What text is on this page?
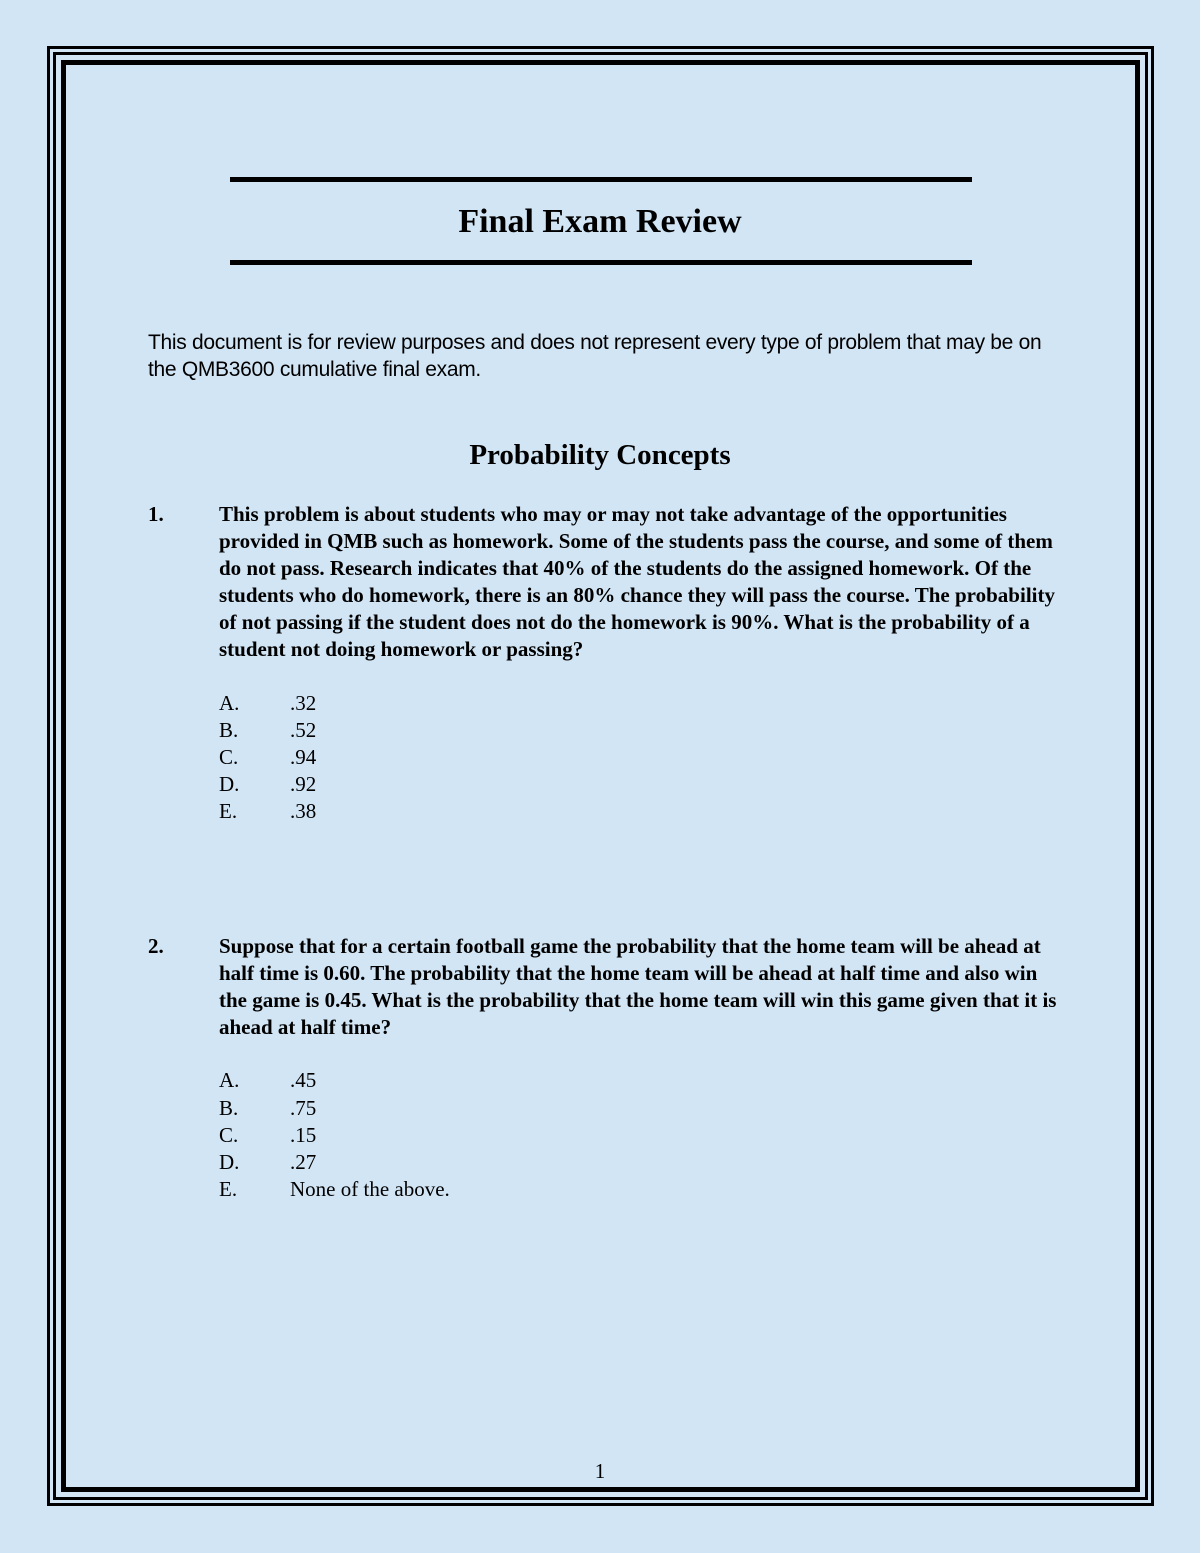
Final Exam Review
This document is for review purposes and does not represent every type of problem that may be on the QMB3600 cumulative final exam.
Probability Concepts
1.	This problem is about students who may or may not take advantage of the opportunities provided in QMB such as homework. Some of the students pass the course, and some of them do not pass. Research indicates that 40% of the students do the assigned homework. Of the students who do homework, there is an 80% chance they will pass the course. The probability of not passing if the student does not do the homework is 90%. What is the probability of a student not doing homework or passing?
A. .32
B. .52
C. .94
D. .92
E.	.38
2.	Suppose that for a certain football game the probability that the home team will be ahead at half time is 0.60. The probability that the home team will be ahead at half time and also win the game is 0.45. What is the probability that the home team will win this game given that it is ahead at half time?
A. .45
B. .75
C. .15
D. .27
E.	None of the above.
1
